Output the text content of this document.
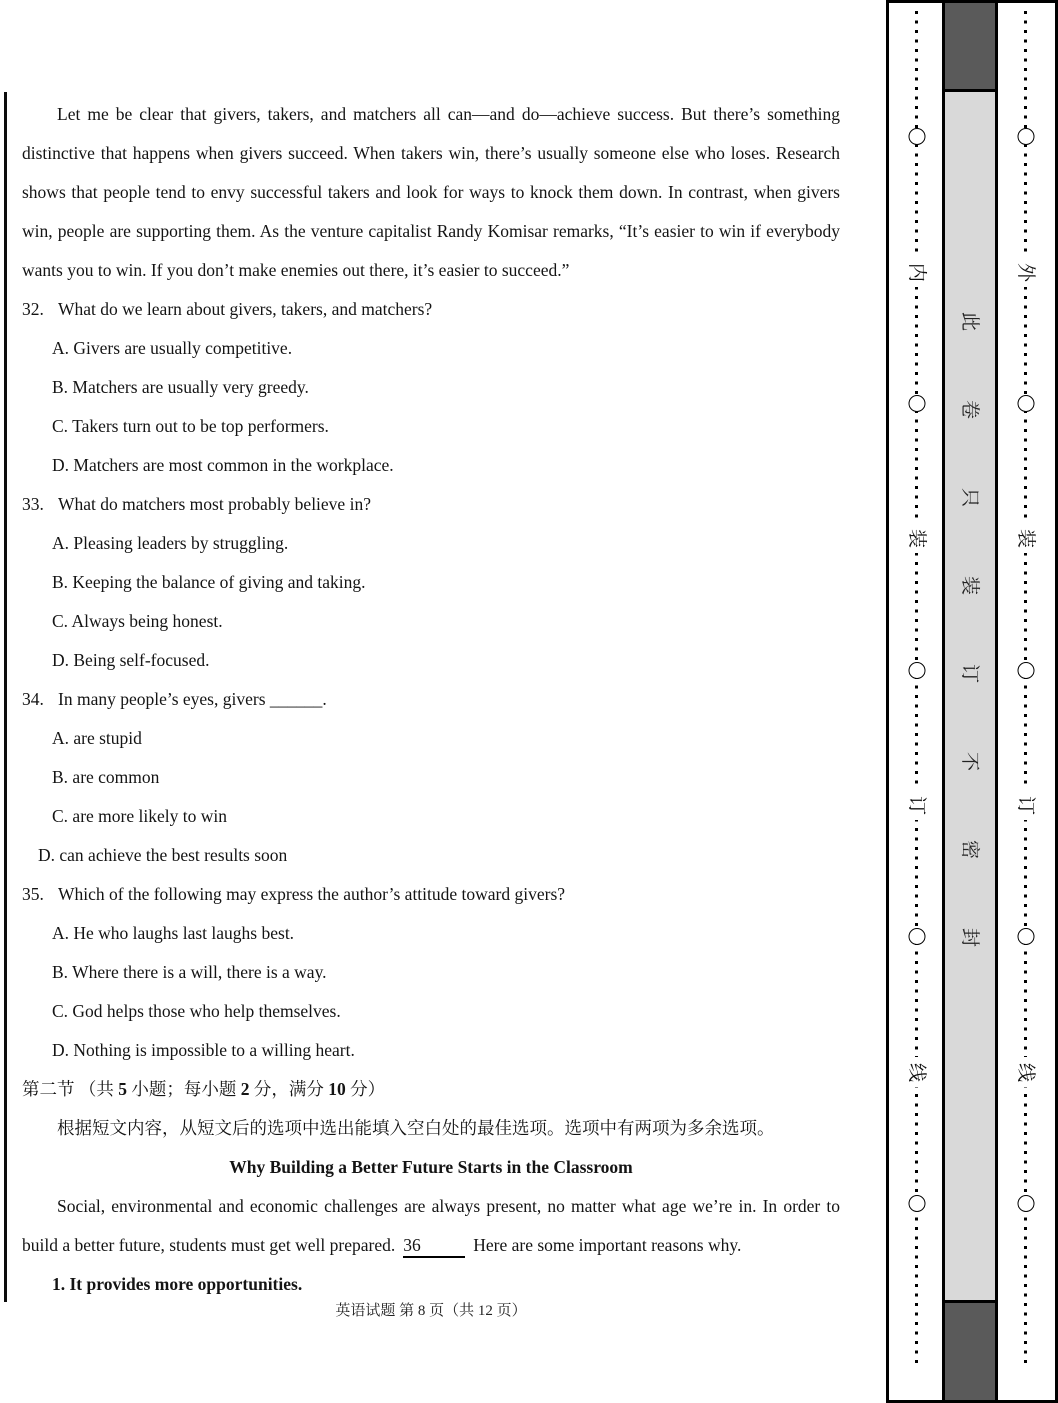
Let me be clear that givers, takers, and matchers all can—and do—achieve success. But there’s something
distinctive that happens when givers succeed. When takers win, there’s usually someone else who loses. Research
shows that people tend to envy successful takers and look for ways to knock them down. In contrast, when givers
win, people are supporting them. As the venture capitalist Randy Komisar remarks, “It’s easier to win if everybody
wants you to win. If you don’t make enemies out there, it’s easier to succeed.”
32. What do we learn about givers, takers, and matchers?
A. Givers are usually competitive.
B. Matchers are usually very greedy.
C. Takers turn out to be top performers.
D. Matchers are most common in the workplace.
33. What do matchers most probably believe in?
A. Pleasing leaders by struggling.
B. Keeping the balance of giving and taking.
C. Always being honest.
D. Being self-focused.
34. In many people’s eyes, givers ______.
A. are stupid
B. are common
C. are more likely to win
D. can achieve the best results soon
35. Which of the following may express the author’s attitude toward givers?
A. He who laughs last laughs best.
B. Where there is a will, there is a way.
C. God helps those who help themselves.
D. Nothing is impossible to a willing heart.
第二节 （共 5 小题；每小题 2 分，满分 10 分）
根据短文内容，从短文后的选项中选出能填入空白处的最佳选项。选项中有两项为多余选项。
Why Building a Better Future Starts in the Classroom
Social, environmental and economic challenges are always present, no matter what age we’re in. In order to
build a better future, students must get well prepared. 36	Here are some important reasons why.
1. It provides more opportunities.
英语试题 第 8 页（共 12 页）
内
装
订
线
此
卷
只
装
订
不
密
封
外
装
订
线
